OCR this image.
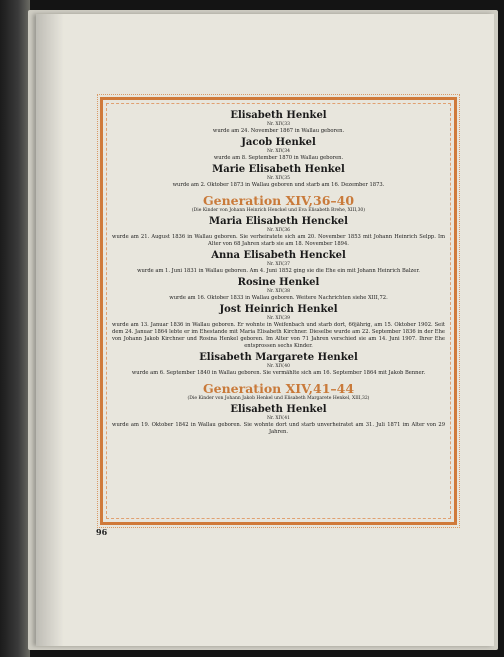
Elisabeth Henkel
Nr. XIV,33
wurde am 24. November 1867 in Wallau geboren.
Jacob Henkel
Nr. XIV,34
wurde am 8. September 1870 in Wallau geboren.
Marie Elisabeth Henkel
Nr. XIV,35
wurde am 2. Oktober 1873 in Wallau geboren und starb am 16. Dezember 1873.
Generation XIV,36–40
(Die Kinder von Johann Heinrich Henckel und Eva Elisabeth Brehe, XIII,30)
Maria Elisabeth Henckel
Nr. XIV,36
wurde am 21. August 1836 in Wallau geboren. Sie verheiratete sich am 20. November 1853 mit Johann Heinrich Selpp. Im Alter von 68 Jahren starb sie am 18. November 1894.
Anna Elisabeth Henckel
Nr. XIV,37
wurde am 1. Juni 1831 in Wallau geboren. Am 4. Juni 1852 ging sie die Ehe ein mit Johann Heinrich Balzer.
Rosine Henkel
Nr. XIV,38
wurde am 16. Oktober 1833 in Wallau geboren. Weitere Nachrichten siehe XIII,72.
Jost Heinrich Henkel
Nr. XIV,39
wurde am 13. Januar 1836 in Wallau geboren. Er wohnte in Weifenbach und starb dort, 66jährig, am 15. Oktober 1902. Seit dem 24. Januar 1864 lebte er im Ehestande mit Maria Elisabeth Kirchner. Dieselbe wurde am 22. September 1836 in der Ehe von Johann Jakob Kirchner und Rosina Henkel geboren. Im Alter von 71 Jahren verschied sie am 14. Juni 1907. Ihrer Ehe entsprossen sechs Kinder.
Elisabeth Margarete Henkel
Nr. XIV,40
wurde am 6. September 1840 in Wallau geboren. Sie vermählte sich am 16. September 1864 mit Jakob Benner.
Generation XIV,41–44
(Die Kinder von Johann Jakob Henkel und Elisabeth Margarete Henkel, XIII,32)
Elisabeth Henkel
Nr. XIV,41
wurde am 19. Oktober 1842 in Wallau geboren. Sie wohnte dort und starb unverheiratet am 31. Juli 1871 im Alter von 29 Jahren.
96
